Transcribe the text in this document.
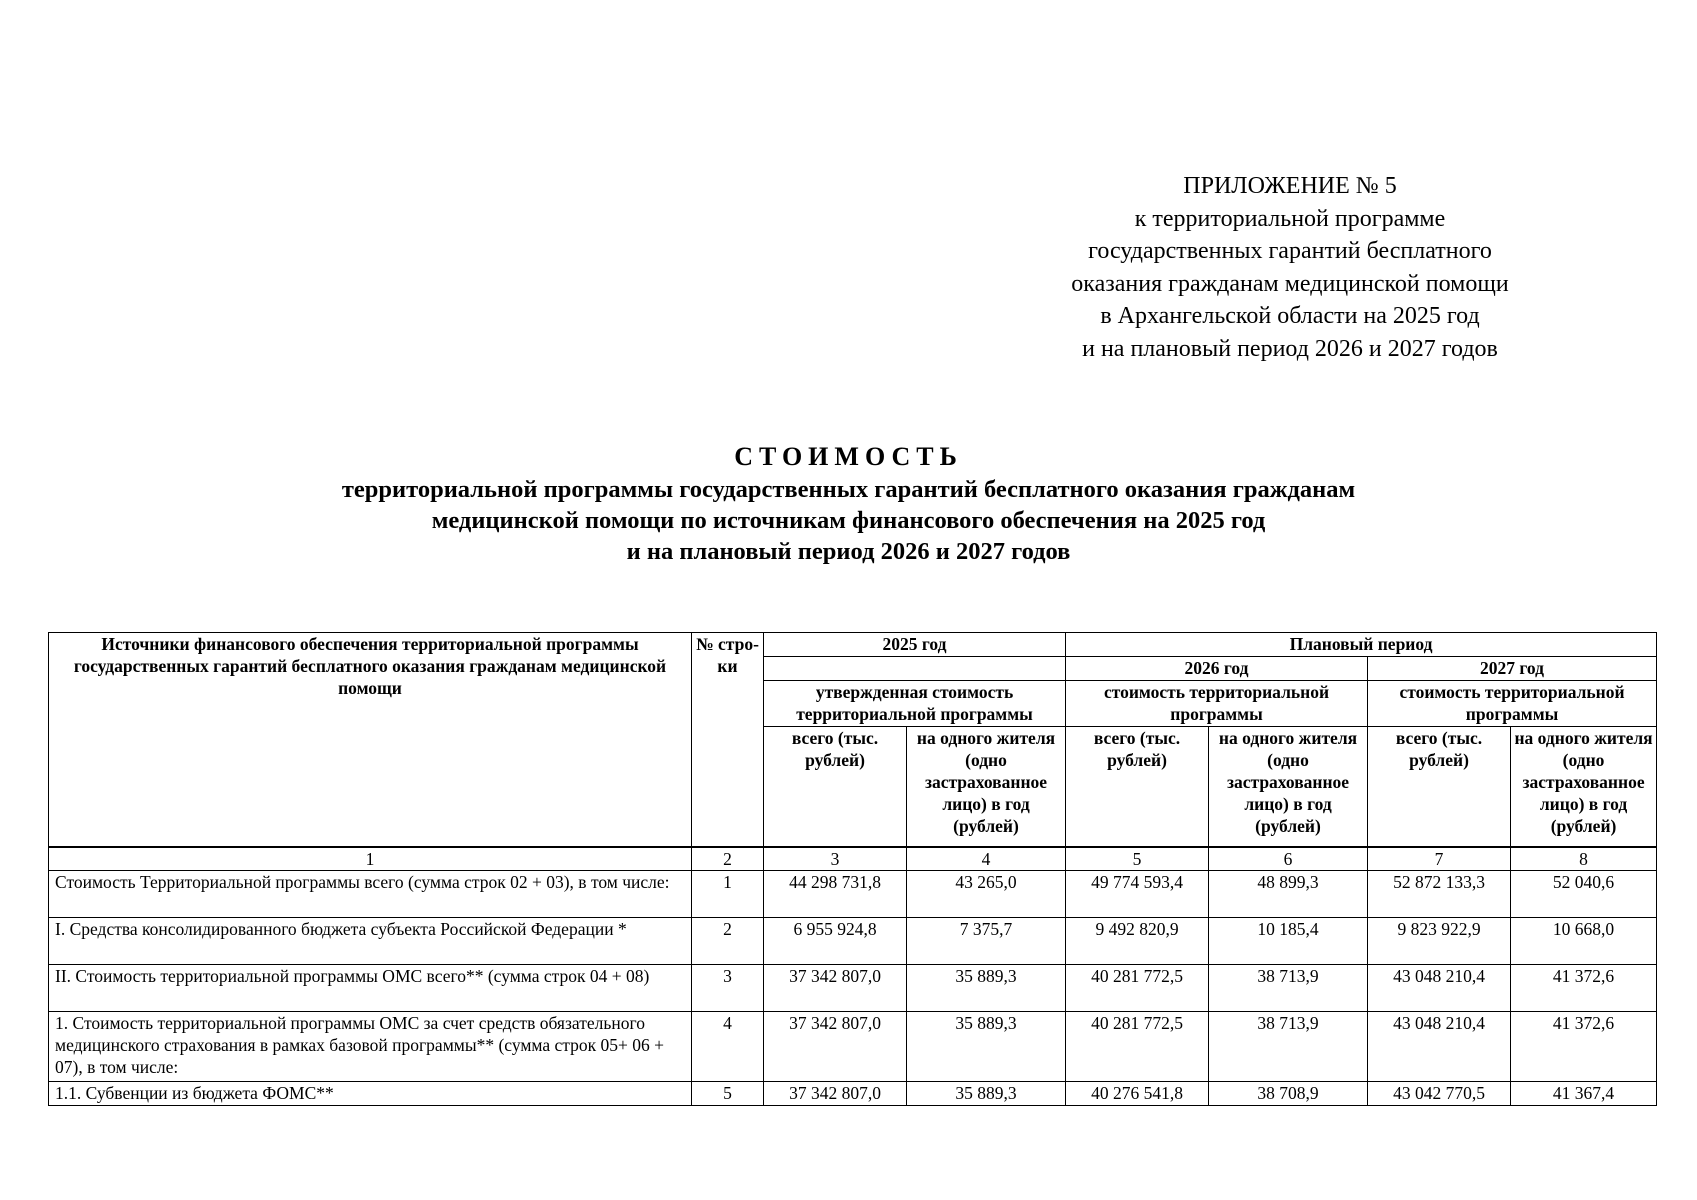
ПРИЛОЖЕНИЕ № 5
к территориальной программе
государственных гарантий бесплатного
оказания гражданам медицинской помощи
в Архангельской области на 2025 год
и на плановый период 2026 и 2027 годов
СТОИМОСТЬ
территориальной программы государственных гарантий бесплатного оказания гражданам
медицинской помощи по источникам финансового обеспечения на 2025 год
и на плановый период 2026 и 2027 годов
Источники финансового обеспечения территориальной программы государственных гарантий бесплатного оказания гражданам медицинской помощи	№ стро-ки	2025 год		Плановый период			
				2026 год		2027 год	
		утвержденная стоимость территориальной программы		стоимость территориальной программы		стоимость территориальной программы	
		всего (тыс. рублей)	на одного жителя (одно застрахованное лицо) в год (рублей)	всего (тыс. рублей)	на одного жителя (одно застрахованное лицо) в год (рублей)	всего (тыс. рублей)	на одного жителя (одно застрахованное лицо) в год (рублей)
1	2	3	4	5	6	7	8
Стоимость Территориальной программы всего (сумма строк 02 + 03), в том числе:	1	44 298 731,8	43 265,0	49 774 593,4	48 899,3	52 872 133,3	52 040,6
I. Средства консолидированного бюджета субъекта Российской Федерации *	2	6 955 924,8	7 375,7	9 492 820,9	10 185,4	9 823 922,9	10 668,0
II. Стоимость территориальной программы ОМС всего** (сумма строк 04 + 08)	3	37 342 807,0	35 889,3	40 281 772,5	38 713,9	43 048 210,4	41 372,6
1. Стоимость территориальной программы ОМС за счет средств обязательного медицинского страхования в рамках базовой программы** (сумма строк 05+ 06 + 07), в том числе:	4	37 342 807,0	35 889,3	40 281 772,5	38 713,9	43 048 210,4	41 372,6
1.1. Субвенции из бюджета ФОМС**	5	37 342 807,0	35 889,3	40 276 541,8	38 708,9	43 042 770,5	41 367,4
